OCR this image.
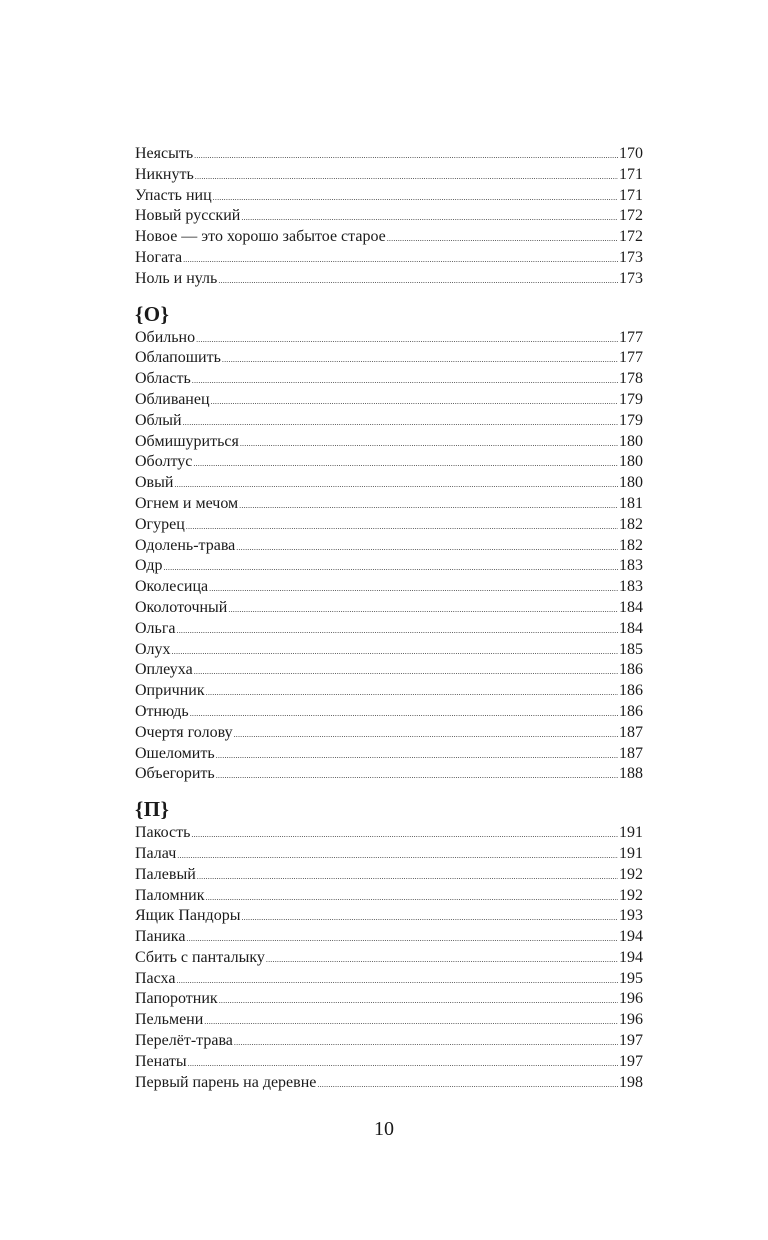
Неясыть .....	170
Никнуть .....	171
Упасть ниц .....	171
Новый русский .....	172
Новое — это хорошо забытое старое .....	172
Ногата .....	173
Ноль и нуль .....	173
{О}
Обильно .....	177
Облапошить .....	177
Область .....	178
Обливанец .....	179
Облый .....	179
Обмишуриться .....	180
Оболтус .....	180
Овый .....	180
Огнем и мечом .....	181
Огурец .....	182
Одолень-трава .....	182
Одр .....	183
Околесица .....	183
Околоточный .....	184
Ольга .....	184
Олух .....	185
Оплеуха .....	186
Опричник .....	186
Отнюдь .....	186
Очертя голову .....	187
Ошеломить .....	187
Объегорить .....	188
{П}
Пакость .....	191
Палач .....	191
Палевый .....	192
Паломник .....	192
Ящик Пандоры .....	193
Паника .....	194
Сбить с панталыку .....	194
Пасха .....	195
Папоротник .....	196
Пельмени .....	196
Перелёт-трава .....	197
Пенаты .....	197
Первый парень на деревне .....	198
10
